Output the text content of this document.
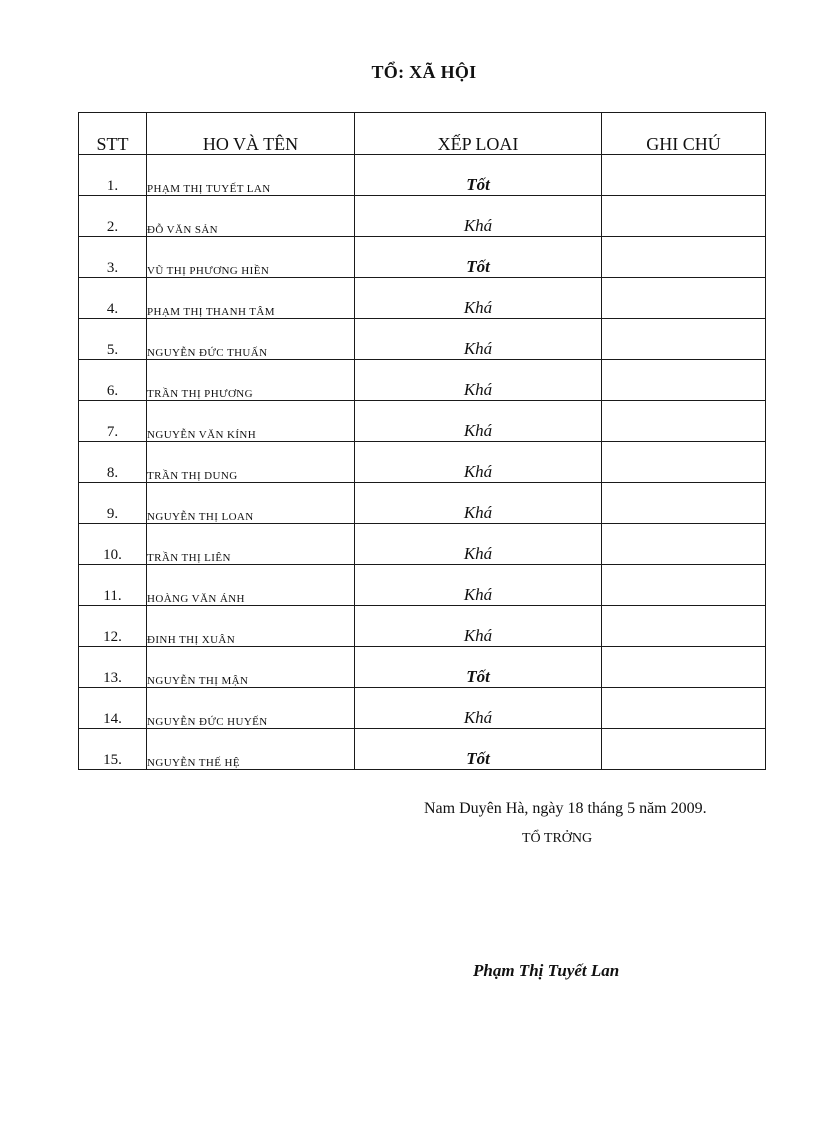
TỔ: XÃ HỘI
STT	HO VÀ TÊN	XẾP LOAI	GHI CHÚ
1.	PHẠM THỊ TUYẾT LAN	Tốt	
2.	ĐỖ VĂN SẢN	Khá	
3.	VŨ THỊ PHƯƠNG HIỀN	Tốt	
4.	PHẠM THỊ THANH TÂM	Khá	
5.	NGUYỄN ĐỨC THUẤN	Khá	
6.	TRẦN THỊ PHƯƠNG	Khá	
7.	NGUYỄN VĂN KÍNH	Khá	
8.	TRẦN THỊ DUNG	Khá	
9.	NGUYỄN THỊ LOAN	Khá	
10.	TRẦN THỊ LIÊN	Khá	
11.	HOÀNG VĂN ÁNH	Khá	
12.	ĐINH THỊ XUÂN	Khá	
13.	NGUYỄN THỊ MẬN	Tốt	
14.	NGUYỄN ĐỨC HUYẾN	Khá	
15.	NGUYỄN THẾ HỆ	Tốt	
Nam Duyên Hà, ngày 18 tháng 5 năm 2009.
TỔ TRỞNG
Phạm Thị Tuyết Lan
